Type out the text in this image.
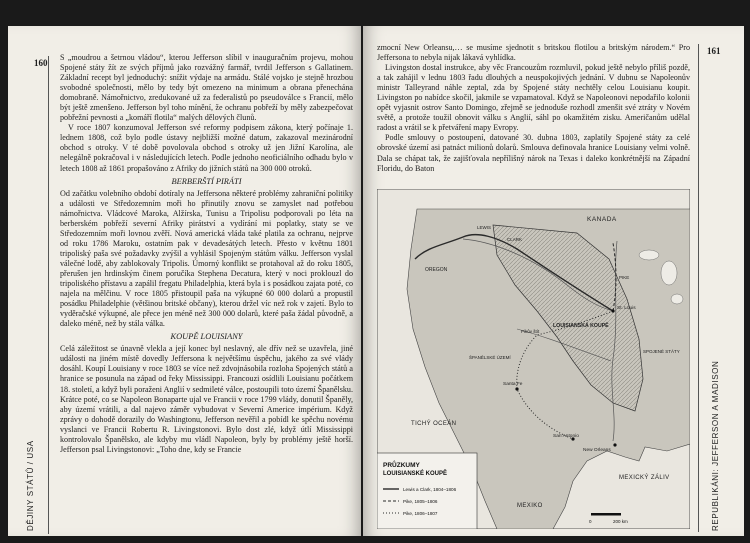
160
DĚJINY STÁTŮ / USA

S „moudrou a šetrnou vládou“, kterou Jefferson slíbil v inauguračním projevu, mohou Spojené státy žít ze svých příjmů jako rozvážný farmář, tvrdil Jefferson s Gallatinem. Základní recept byl jednoduchý: snížit výdaje na armádu. Stálé vojsko je stejně hrozbou svobodné společnosti, mělo by tedy být omezeno na minimum a obrana přenechána domobraně. Námořnictvo, zredukované už za federalistů po pseudoválce s Francií, mělo být ještě zmenšeno. Jefferson byl toho mínění, že ochranu pobřeží by měly zabezpečovat pobřežní pevnosti a „komáří flotila“ malých dělových člunů.

V roce 1807 konzumoval Jefferson své reformy podpisem zákona, který počínaje 1. lednem 1808, což bylo podle ústavy nejbližší možné datum, zakazoval mezinárodní obchod s otroky. V té době povolovala obchod s otroky už jen Jižní Karolína, ale nelegálně pokračoval i v následujících letech. Podle jednoho neoficiálního odhadu bylo v letech 1808 až 1861 propašováno z Afriky do jižních států na 300 000 otroků.

BERBERŠTÍ PIRÁTI

Od začátku volebního období dotíraly na Jeffersona některé problémy zahraniční politiky a události ve Středozemním moři ho přinutily znovu se zamyslet nad potřebou námořnictva. Vládcové Maroka, Alžírska, Tunisu a Tripolisu podporovali po léta na berberském pobřeží severní Afriky pirátství a vydírání mi poplatky, staty se ve Středozemním moři lovnou zvěří. Nová americká vláda také platila za ochranu, nejprve od roku 1786 Maroku, ostatním pak v devadesátých letech. Přesto v květnu 1801 tripoliský paša své požadavky zvýšil a vyhlásil Spojeným státům válku. Jefferson vyslal válečné lodě, aby zablokovaly Tripolis. Úmorný konflikt se protahoval až do roku 1805, přerušen jen hrdinským činem poručíka Stephena Decatura, který v noci proklouzl do tripoliského přístavu a zapálil fregatu Philadelphia, která byla i s posádkou zajata poté, co najela na mělčinu. V roce 1805 přistoupil paša na výkupné 60 000 dolarů a propustil posádku Philadelphie (většinou britské občany), kterou držel víc než rok v zajetí. Bylo to vyděračské výkupné, ale přece jen méně než 300 000 dolarů, které paša žádal původně, a daleko méně, než by stála válka.

KOUPĚ LOUISIANY

Celá záležitost se únavně vlekla a její konec byl neslavný, ale dřív než se uzavřela, jiné události na jiném místě dovedly Jeffersona k největšímu úspěchu, jakého za své vlády dosáhl. Koupí Louisiany v roce 1803 se více než zdvojnásobila rozloha Spojených států a hranice se posunula na západ od řeky Mississippi. Francouzi osídlili Louisianu počátkem 18. století, a když byli poraženi Anglií v sedmileté válce, postoupili toto území Španělsku. Krátce poté, co se Napoleon Bonaparte ujal ve Francii v roce 1799 vlády, donutil Španěly, aby území vrátili, a dal najevo záměr vybudovat v Severní Americe impérium. Když zprávy o dohodě dorazily do Washingtonu, Jefferson nevěřil a pobídl ke spěchu novému vyslanci ve Francii Robertu R. Livingstonovi. Bylo dost zlé, když útlí Mississippi kontrolovalo Španělsko, ale kdyby mu vládl Napoleon, byly by problémy ještě horší. Jefferson psal Livingstonovi: „Toho dne, kdy se Francie

161
REPUBLIKÁNI: JEFFERSON A MADISON

zmocní New Orleansu,… se musíme sjednotit s britskou flotilou a britským národem.“ Pro Jeffersona to nebyla nijak lákavá vyhlídka.

Livingston dostal instrukce, aby věc Francouzům rozmluvil, pokud ještě nebylo příliš pozdě, a tak zahájil v lednu 1803 řadu dlouhých a neuspokojivých jednání. V dubnu se Napoleonův ministr Talleyrand náhle zeptal, zda by Spojené státy nechtěly celou Louisianu koupit. Livingston po nabídce skočil, jakmile se vzpamatoval. Když se Napoleonovi nepodařilo kolonii opět vyjasnit ostrov Santo Domingo, zřejmě se jednoduše rozhodl zmenšit své ztráty v Novém světě, a protože toužil obnovit válku s Anglií, sáhl po okamžitém zisku. Američanům udělal radost a vrátil se k přetváření mapy Evropy.

Podle smlouvy o postoupení, datované 30. dubna 1803, zaplatily Spojené státy za celé obrovské území asi patnáct milionů dolarů. Smlouva definovala hranice Louisiany velmi volně. Dala se chápat tak, že zajišťovala nepřílišný nárok na Texas i daleko konkrétnější na Západní Floridu, do Baton

KANADA
OREGON
TICHÝ OCEÁN
LOUISIANSKÁ KOUPĚ
SPOJENÉ STÁTY
ŠPANĚLSKÉ ÚZEMÍ
MEXIKO
MEXICKÝ ZÁLIV
New Orleans
St. Louis
Santa Fe
San Antonio
Pikův štít
LEWIS
CLARK
PIKE
PRŮZKUMY
LOUISIANSKÉ KOUPĚ
Lewis a Clark, 1804–1806
Pike, 1805–1806
Pike, 1806–1807
0	200 km
